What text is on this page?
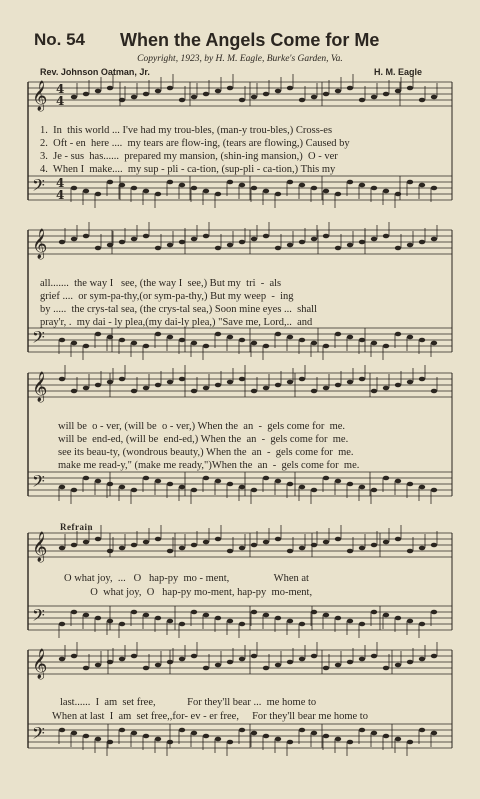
No. 54 When the Angels Come for Me
Copyright, 1923, by H. M. Eagle, Burke's Garden, Va.
Rev. Johnson Oatman, Jr.	H. M. Eagle
Refrain
𝄞
𝄢
4
4
4
4
𝄞
𝄢
𝄞
𝄢
𝄞
𝄢
𝄞
𝄢
1.  In  this world ... I've had my trou-bles, (man-y trou-bles,) Cross-es
2.  Oft - en  here ....  my tears are flow-ing, (tears are flowing,) Caused by
3.  Je - sus  has......  prepared my mansion, (shin-ing mansion,)  O - ver
4.  When I  make....  my sup - pli - ca-tion, (sup-pli - ca-tion,) This my
all.......  the way I   see, (the way I  see,) But my  tri  -  als
grief ....  or sym-pa-thy,(or sym-pa-thy,) But my weep  -  ing
by .....  the crys-tal sea, (the crys-tal sea,) Soon mine eyes ...  shall
pray'r, .  my dai - ly plea,(my dai-ly plea,) "Save me, Lord,..  and
will be  o - ver, (will be  o - ver,) When the  an  -  gels come for  me.
will be  end-ed, (will be  end-ed,) When the  an  -  gels come for  me.
see its beau-ty, (wondrous beauty,) When the  an  -  gels come for  me.
make me read-y," (make me ready,")When the  an  -  gels come for  me.
O what joy,  ...   O   hap-py  mo - ment,                 When at
O  what joy,  O   hap-py mo-ment, hap-py  mo-ment,
last......  I  am  set free,            For they'll bear ...  me home to
When at last  I  am  set free,,for- ev - er free,     For they'll bear me home to
